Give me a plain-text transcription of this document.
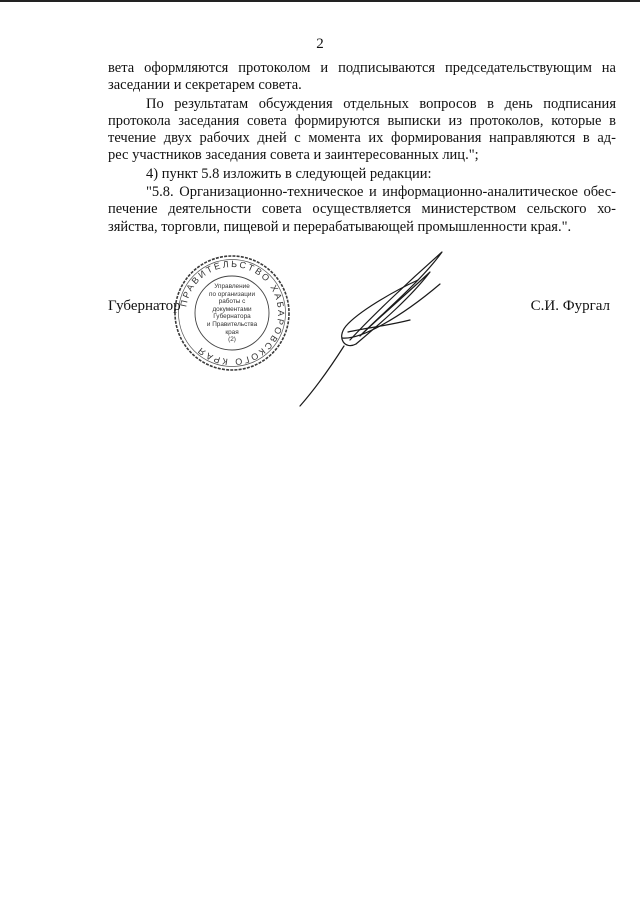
2

вета оформляются протоколом и подписываются председательствующим на
заседании и секретарем совета.

По результатам обсуждения отдельных вопросов в день подписания
протокола заседания совета формируются выписки из протоколов, которые в
течение двух рабочих дней с момента их формирования направляются в ад-
рес участников заседания совета и заинтересованных лиц.";

4) пункт 5.8 изложить в следующей редакции:

"5.8. Организационно-техническое и информационно-аналитическое обес-
печение деятельности совета осуществляется министерством сельского хо-
зяйства, торговли, пищевой и перерабатывающей промышленности края.".

ПРАВИТЕЛЬСТВО ХАБАРОВСКОГО КРАЯ
Управление
по организации
работы с документами
Губернатора
и Правительства
края
(2)
Губернатор	С.И. Фургал
